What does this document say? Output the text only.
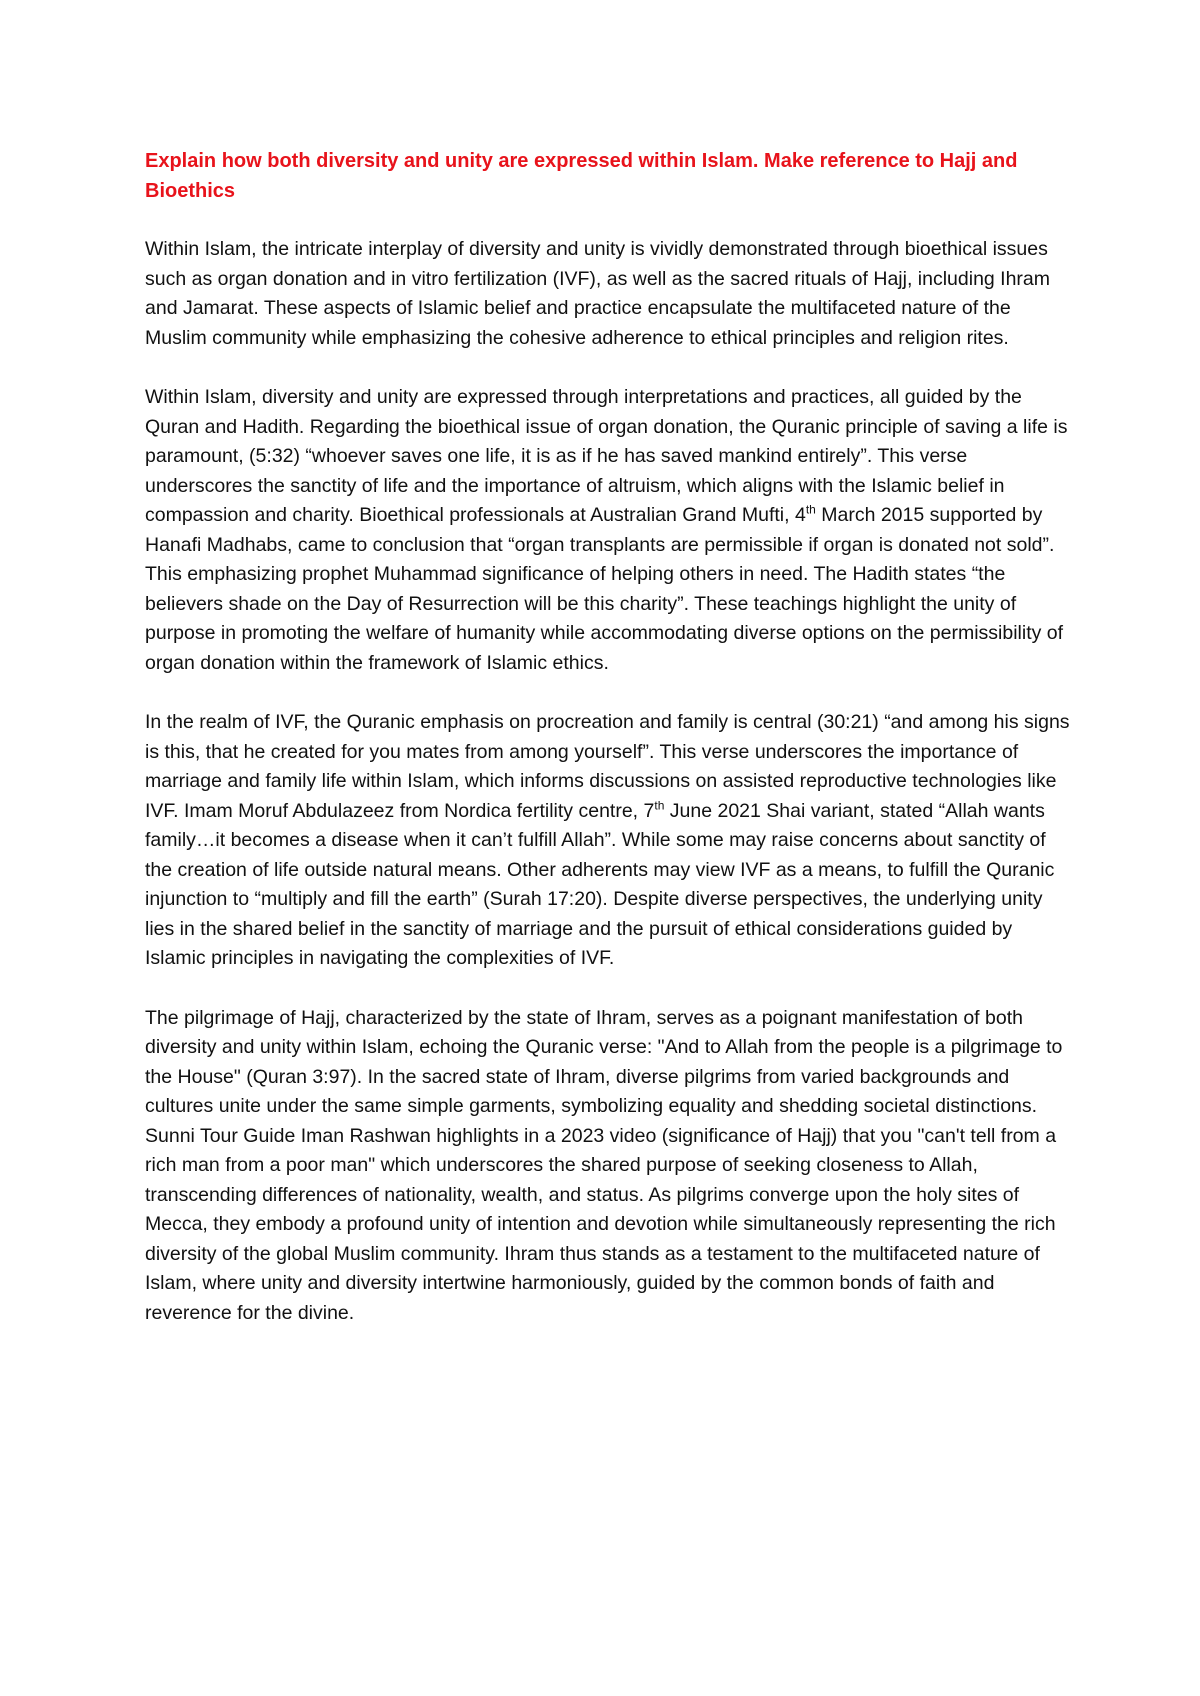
Explain how both diversity and unity are expressed within Islam. Make reference to Hajj and Bioethics

Within Islam, the intricate interplay of diversity and unity is vividly demonstrated through bioethical issues such as organ donation and in vitro fertilization (IVF), as well as the sacred rituals of Hajj, including Ihram and Jamarat. These aspects of Islamic belief and practice encapsulate the multifaceted nature of the Muslim community while emphasizing the cohesive adherence to ethical principles and religion rites.

Within Islam, diversity and unity are expressed through interpretations and practices, all guided by the Quran and Hadith. Regarding the bioethical issue of organ donation, the Quranic principle of saving a life is paramount, (5:32) “whoever saves one life, it is as if he has saved mankind entirely”. This verse underscores the sanctity of life and the importance of altruism, which aligns with the Islamic belief in compassion and charity. Bioethical professionals at Australian Grand Mufti, 4th March 2015 supported by Hanafi Madhabs, came to conclusion that “organ transplants are permissible if organ is donated not sold”. This emphasizing prophet Muhammad significance of helping others in need. The Hadith states “the believers shade on the Day of Resurrection will be this charity”. These teachings highlight the unity of purpose in promoting the welfare of humanity while accommodating diverse options on the permissibility of organ donation within the framework of Islamic ethics.

In the realm of IVF, the Quranic emphasis on procreation and family is central (30:21) “and among his signs is this, that he created for you mates from among yourself”. This verse underscores the importance of marriage and family life within Islam, which informs discussions on assisted reproductive technologies like IVF. Imam Moruf Abdulazeez from Nordica fertility centre, 7th June 2021 Shai variant, stated “Allah wants family…it becomes a disease when it can’t fulfill Allah”. While some may raise concerns about sanctity of the creation of life outside natural means. Other adherents may view IVF as a means, to fulfill the Quranic injunction to “multiply and fill the earth” (Surah 17:20). Despite diverse perspectives, the underlying unity lies in the shared belief in the sanctity of marriage and the pursuit of ethical considerations guided by Islamic principles in navigating the complexities of IVF.

The pilgrimage of Hajj, characterized by the state of Ihram, serves as a poignant manifestation of both diversity and unity within Islam, echoing the Quranic verse: "And to Allah from the people is a pilgrimage to the House" (Quran 3:97). In the sacred state of Ihram, diverse pilgrims from varied backgrounds and cultures unite under the same simple garments, symbolizing equality and shedding societal distinctions. Sunni Tour Guide Iman Rashwan highlights in a 2023 video (significance of Hajj) that you "can't tell from a rich man from a poor man" which underscores the shared purpose of seeking closeness to Allah, transcending differences of nationality, wealth, and status. As pilgrims converge upon the holy sites of Mecca, they embody a profound unity of intention and devotion while simultaneously representing the rich diversity of the global Muslim community. Ihram thus stands as a testament to the multifaceted nature of Islam, where unity and diversity intertwine harmoniously, guided by the common bonds of faith and reverence for the divine.
